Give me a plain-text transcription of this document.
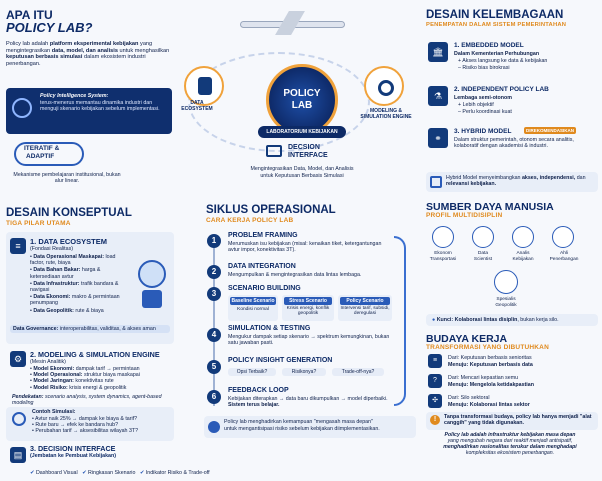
APA ITU
POLICY LAB?
Policy lab adalah platform eksperimental kebijakan yang mengintegrasikan data, model, dan analisis untuk menghasilkan keputusan berbasis simulasi dalam ekosistem industri penerbangan.
Policy Intelligence System:
terus-menerus memantau dinamika industri dan menguji skenario kebijakan sebelum implementasi.
ITERATIF &
ADAPTIF
Mekanisme pembelajaran institusional, bukan alur linear.
DATA
ECOSYSTEM	MODELING &
SIMULATION ENGINE
POLICY
LAB
LABORATORIUM KEBIJAKAN
DECSION
INTERFACE
Mengintegrasikan Data, Model, dan Analisis
untuk Keputusan Berbasis Simulasi
DESAIN KONSEPTUAL
TIGA PILAR UTAMA
≡	1. DATA ECOSYSTEM
(Fondasi Realitas)
• Data Operasional Maskapai: load factor, rute, biaya
• Data Bahan Bakar: harga & ketersediaan avtur
• Data Infrastruktur: trafik bandara & navigasi
• Data Ekonomi: makro & permintaan penumpang
• Data Geopolitik: rute & biaya
Data Governance: interoperabilitas, validitas, & akses aman
⚙	2. MODELING & SIMULATION ENGINE
(Mesin Analitik)
• Model Ekonomi: dampak tarif → permintaan
• Model Operasional: struktur biaya maskapai
• Model Jaringan: konektivitas rute
• Model Risiko: krisis energi & geopolitik
Pendekatan: scenario analysis, system dynamics, agent-based modeling
Contoh Simulasi:
• Avtur naik 25% → dampak ke biaya & tarif?
• Rute baru → efek ke bandara hub?
• Perubahan tarif → aksesibilitas wilayah 3T?
▤
3. DECISION INTERFACE
(Jembatan ke Pembuat Kebijakan)
✔ Dashboard Visual ✔ Ringkasan Skenario ✔ Indikator Risiko & Trade-off
SIKLUS OPERASIONAL
CARA KERJA POLICY LAB
1
PROBLEM FRAMING
Merumuskan isu kebijakan (misal: kenaikan tiket, ketergantungan avtur impor, konektivitas 3T).
2
DATA INTEGRATION
Mengumpulkan & mengintegrasikan data lintas lembaga.
3
SCENARIO BUILDING
Baseline Scenario
Kondisi normal
Stress Scenario
Krisis energi, konflik geopolitik
Policy Scenario
Intervensi tarif, subsidi, deregulasi
4
SIMULATION & TESTING
Mengukur dampak setiap skenario → spektrum kemungkinan, bukan satu jawaban pasti.
5
POLICY INSIGHT GENERATION
Opsi Terbaik?	Risikonya?	Trade-off-nya?
6
FEEDBACK LOOP
Kebijakan diterapkan → data baru dikumpulkan → model diperbaiki. Sistem terus belajar.
Policy lab menghadirkan kemampuan "mengasah masa depan"
untuk mengantisipasi risiko sebelum kebijakan diimplementasikan.
DESAIN KELEMBAGAAN
PENEMPATAN DALAM SISTEM PEMERINTAHAN
🏛
1. EMBEDDED MODEL
Dalam Kementerian Perhubungan
+ Akses langsung ke data & kebijakan
– Risiko bias birokrasi
⚗
2. INDEPENDENT POLICY LAB
Lembaga semi-otonom
+ Lebih objektif
– Perlu koordinasi kuat
⚭
3. HYBRID MODEL	DIREKOMENDASIKAN
Dalam struktur pemerintah, otonom secara analitis, kolaboratif dengan akademisi & industri.
Hybrid Model menyeimbangkan akses, independensi, dan relevansi kebijakan.
SUMBER DAYA MANUSIA
PROFIL MULTIDISIPLIN
Ekonom
Transportasi
Data
Scientist
Analis
Kebijakan
Ahli
Penerbangan
Spesialis
Geopolitik
● Kunci: Kolaborasi lintas disiplin, bukan kerja silo.
BUDAYA KERJA
TRANSFORMASI YANG DIBUTUHKAN
≡	Dari: Keputusan berbasis senioritas
Menuju: Keputusan berbasis data
?	Dari: Mencari kepastian semu
Menuju: Mengelola ketidakpastian
✣	Dari: Silo sektoral
Menuju: Kolaborasi lintas sektor
!	Tanpa transformasi budaya, policy lab hanya menjadi "alat canggih" yang tidak digunakan.
Policy lab adalah infrastruktur kebijakan masa depan
yang mengubah negara dari reaktif menjadi antisipatif,
menghadirkan rasionalitas terukur dalam menghadapi
kompleksitas ekosistem penerbangan.
